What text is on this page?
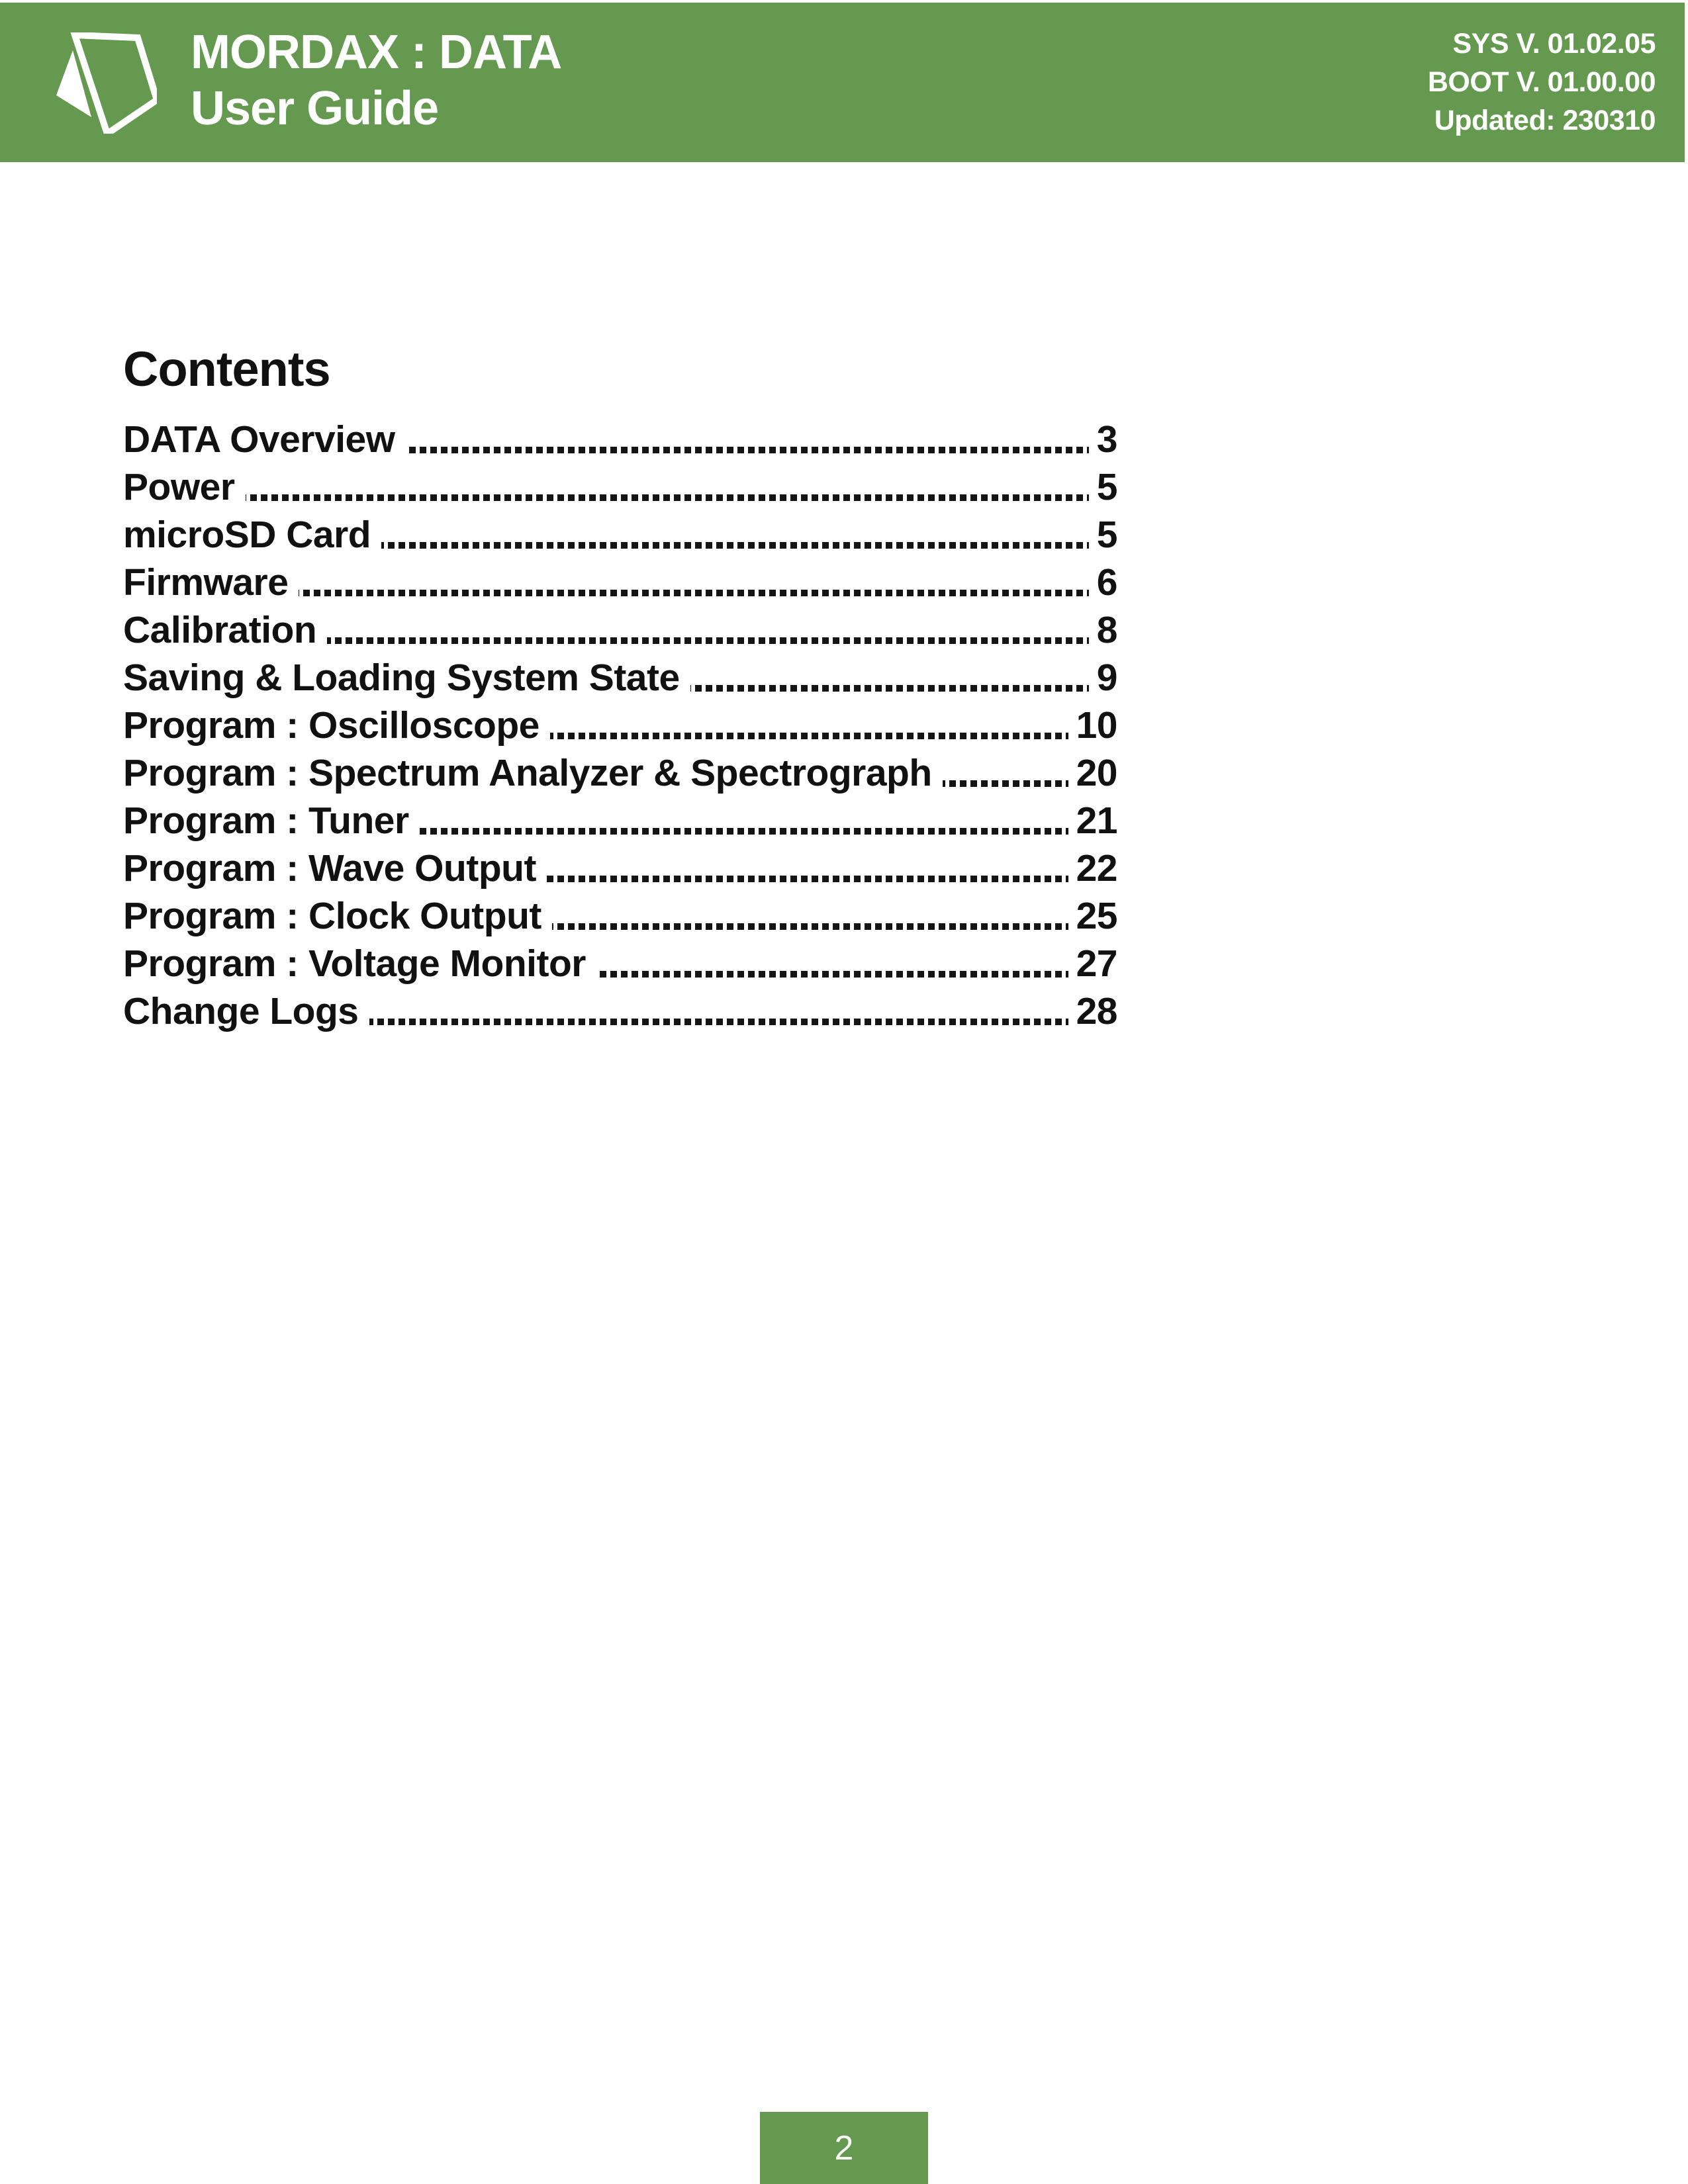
MORDAX : DATA
User Guide
SYS V. 01.02.05
BOOT V. 01.00.00
Updated: 230310
Contents
DATA Overview	3
Power	5
microSD Card	5
Firmware	6
Calibration	8
Saving & Loading System State	9
Program : Oscilloscope	10
Program : Spectrum Analyzer & Spectrograph	20
Program : Tuner	21
Program : Wave Output	22
Program : Clock Output	25
Program : Voltage Monitor	27
Change Logs	28
2
